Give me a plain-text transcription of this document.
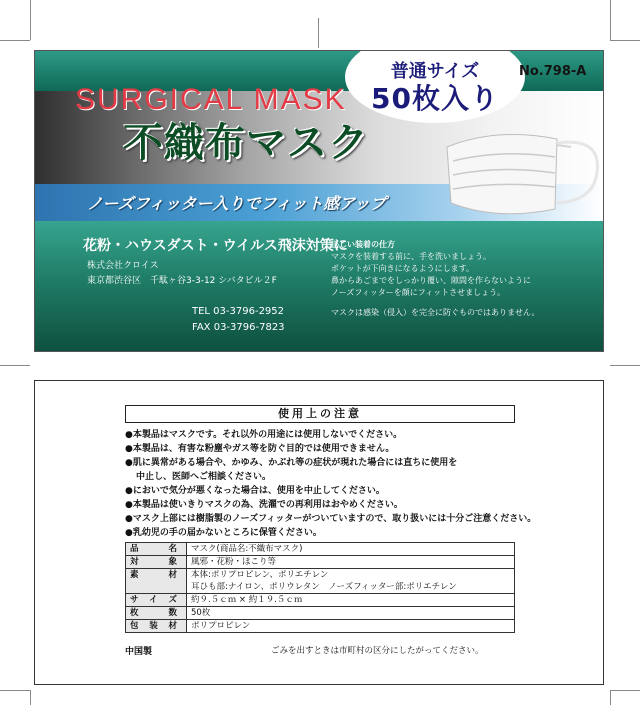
普通サイズ
50枚入り
No.798-A
SURGICAL MASK
不織布マスク
ノーズフィッター入りでフィット感アップ
花粉・ハウスダスト・ウイルス飛沫対策に
株式会社クロイス
東京都渋谷区　千駄ヶ谷3-3-12 シバタビル２F
TEL 03-3796-2952
FAX 03-3796-7823
正しい装着の仕方
マスクを装着する前に、手を洗いましょう。
ポケットが下向きになるようにします。
鼻からあごまでをしっかり覆い、隙間を作らないように
ノーズフィッターを顔にフィットさせましょう。
マスクは感染（侵入）を完全に防ぐものではありません。
使用上の注意
●本製品はマスクです。それ以外の用途には使用しないでください。
●本製品は、有害な粉塵やガス等を防ぐ目的では使用できません。
●肌に異常がある場合や、かゆみ、かぶれ等の症状が現れた場合には直ちに使用を
中止し、医師へご相談ください。
●においで気分が悪くなった場合は、使用を中止してください。
●本製品は使いきりマスクの為、洗濯での再利用はおやめください。
●マスク上部には樹脂製のノーズフィッターがついていますので、取り扱いには十分ご注意ください。
●乳幼児の手の届かないところに保管ください。
品名	マスク(商品名:不織布マスク)
対象	風邪・花粉・ほこり等
素材	本体:ポリプロピレン、ポリエチレン
耳ひも部:ナイロン、ポリウレタン　ノーズフィッター部:ポリエチレン

サイズ	約９.５ｃｍ × 約１９.５ｃｍ
枚数	50枚
包装材	ポリプロピレン
中国製	ごみを出すときは市町村の区分にしたがってください。
